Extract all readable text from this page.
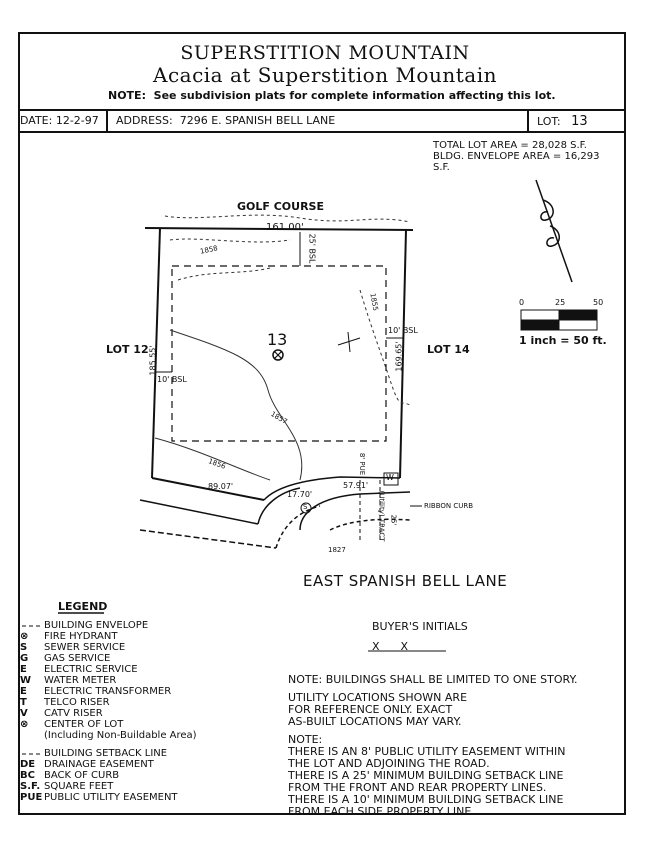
SUPERSTITION MOUNTAIN
Acacia at Superstition Mountain
NOTE: See subdivision plats for complete information affecting this lot.
DATE: 12-2-97 ADDRESS: 7296 E. SPANISH BELL LANE	LOT: 13
TOTAL LOT AREA = 28,028 S.F.
BLDG. ENVELOPE AREA = 16,293
S.F.
GOLF COURSE
161.00'
25' BSL
13
LOT 12	LOT 14
185.55'	169.65'
10' BSL
10' BSL
1858
1857
1856
1855
1827
89.07'
17.70'
57.91'
W
S
8' PUE
(Utility) TRACT 25'
RIBBON CURB
EAST SPANISH BELL LANE
0	25	50
1 inch = 50 ft.
LEGEND
BUILDING ENVELOPE
⊗ FIRE HYDRANT
S SEWER SERVICE
G GAS SERVICE
E ELECTRIC SERVICE
W WATER METER
E ELECTRIC TRANSFORMER
T TELCO RISER
V CATV RISER
⊗ CENTER OF LOT
(Including Non-Buildable Area)
BUILDING SETBACK LINE
DE DRAINAGE EASEMENT
BC BACK OF CURB
S.F. SQUARE FEET
PUE PUBLIC UTILITY EASEMENT
BUYER'S INITIALS
X      X
NOTE: BUILDINGS SHALL BE LIMITED TO ONE STORY.
UTILITY LOCATIONS SHOWN ARE
FOR REFERENCE ONLY. EXACT
AS-BUILT LOCATIONS MAY VARY.
NOTE:
THERE IS AN 8' PUBLIC UTILITY EASEMENT WITHIN
THE LOT AND ADJOINING THE ROAD.
THERE IS A 25' MINIMUM BUILDING SETBACK LINE
FROM THE FRONT AND REAR PROPERTY LINES.
THERE IS A 10' MINIMUM BUILDING SETBACK LINE
FROM EACH SIDE PROPERTY LINE.
